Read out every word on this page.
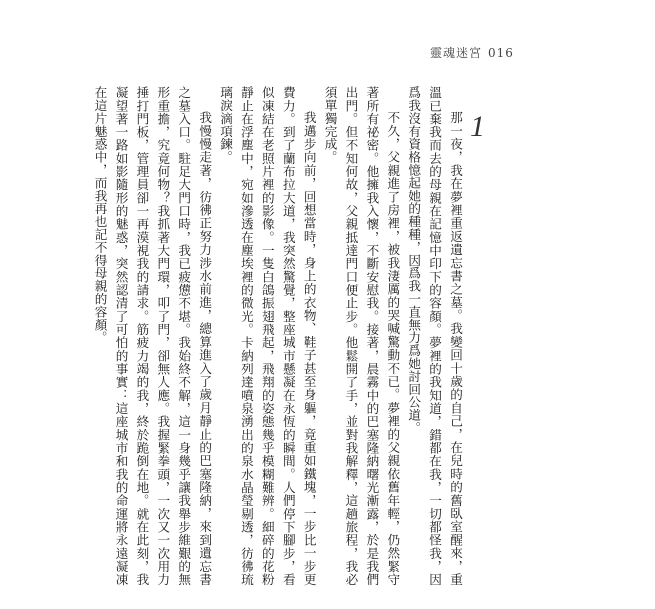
靈魂迷宮 016
1

那一夜，我在夢裡重返遺忘書之墓。我變回十歲的自己，在兒時的舊臥室醒來，重溫已棄我而去的母親在記憶中印下的容顏。夢裡的我知道，錯都在我，一切都怪我，因爲我沒有資格憶起她的種種，因爲我一直無力爲她討回公道。

不久，父親進了房裡，被我淒厲的哭喊驚動不已。夢裡的父親依舊年輕，仍然緊守著所有祕密。他擁我入懷，不斷安慰我。接著，晨霧中的巴塞隆納曙光漸露，於是我們出門。但不知何故，父親抵達門口便止步。他鬆開了手，並對我解釋，這趟旅程，我必須單獨完成。

我邁步向前，回想當時，身上的衣物、鞋子甚至身軀，竟重如鐵塊，一步比一步更費力。到了蘭布拉大道，我突然驚覺，整座城市懸凝在永恆的瞬間。人們停下腳步，看似凍結在老照片裡的影像。一隻白鴿振翅飛起，飛翔的姿態幾乎模糊難辨。細碎的花粉靜止在浮塵中，宛如滲透在塵埃裡的微光。卡納列達噴泉湧出的泉水晶瑩剔透，彷彿琉璃淚滴項鍊。

我慢慢走著，彷彿正努力涉水前進，總算進入了歲月靜止的巴塞隆納，來到遺忘書之墓入口。駐足大門口時，我已疲憊不堪。我始終不解，這一身幾乎讓我舉步維艱的無形重擔，究竟何物？我抓著大門環，叩了門，卻無人應。我握緊拳頭，一次又一次用力捶打門板，管理員卻一再漠視我的請求。筋疲力竭的我，終於跪倒在地。就在此刻，我凝望著一路如影隨形的魅惑，突然認清了可怕的事實：這座城市和我的命運將永遠凝凍在這片魅惑中，而我再也記不得母親的容顏。
